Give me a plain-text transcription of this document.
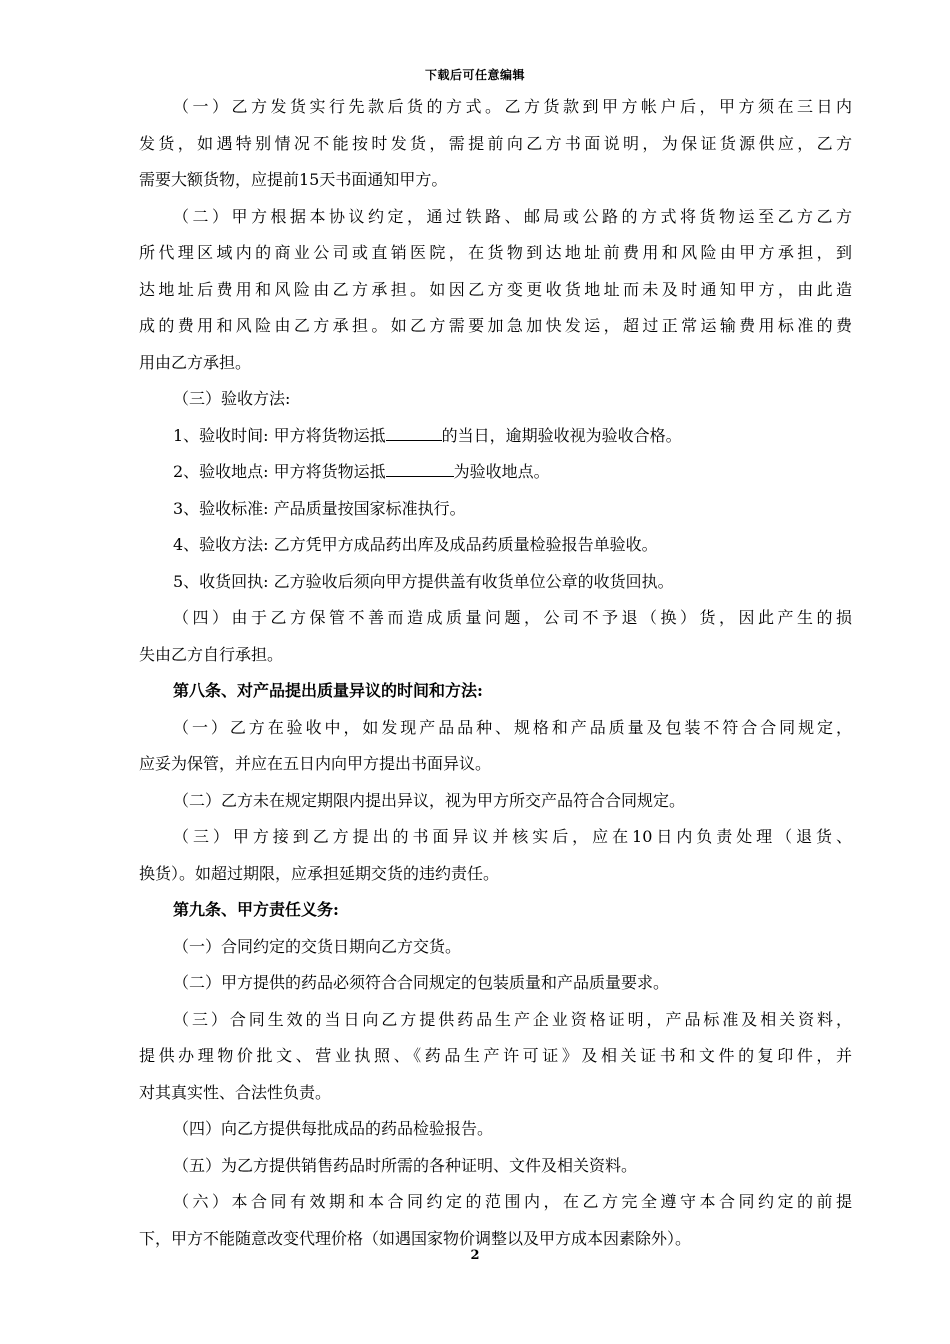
下载后可任意编辑
（一）乙方发货实行先款后货的方式。乙方货款到甲方帐户后，甲方须在三日内
发货，如遇特别情况不能按时发货，需提前向乙方书面说明，为保证货源供应，乙方
需要大额货物，应提前15天书面通知甲方。
（二）甲方根据本协议约定，通过铁路、邮局或公路的方式将货物运至乙方乙方
所代理区域内的商业公司或直销医院，在货物到达地址前费用和风险由甲方承担，到
达地址后费用和风险由乙方承担。如因乙方变更收货地址而未及时通知甲方，由此造
成的费用和风险由乙方承担。如乙方需要加急加快发运，超过正常运输费用标准的费
用由乙方承担。
（三）验收方法:
1、验收时间: 甲方将货物运抵	的当日，逾期验收视为验收合格。
2、验收地点: 甲方将货物运抵	为验收地点。
3、验收标准: 产品质量按国家标准执行。
4、验收方法: 乙方凭甲方成品药出库及成品药质量检验报告单验收。
5、收货回执: 乙方验收后须向甲方提供盖有收货单位公章的收货回执。
（四）由于乙方保管不善而造成质量问题，公司不予退（换）货，因此产生的损
失由乙方自行承担。
第八条、对产品提出质量异议的时间和方法:
（一）乙方在验收中，如发现产品品种、规格和产品质量及包装不符合合同规定，
应妥为保管，并应在五日内向甲方提出书面异议。
（二）乙方未在规定期限内提出异议，视为甲方所交产品符合合同规定。
（三）甲方接到乙方提出的书面异议并核实后，应在10日内负责处理（退货、
换货）。如超过期限，应承担延期交货的违约责任。
第九条、甲方责任义务:
（一）合同约定的交货日期向乙方交货。
（二）甲方提供的药品必须符合合同规定的包装质量和产品质量要求。
（三）合同生效的当日向乙方提供药品生产企业资格证明，产品标准及相关资料，
提供办理物价批文、营业执照、《药品生产许可证》及相关证书和文件的复印件，并
对其真实性、合法性负责。
（四）向乙方提供每批成品的药品检验报告。
（五）为乙方提供销售药品时所需的各种证明、文件及相关资料。
（六）本合同有效期和本合同约定的范围内，在乙方完全遵守本合同约定的前提
下，甲方不能随意改变代理价格（如遇国家物价调整以及甲方成本因素除外）。
2
